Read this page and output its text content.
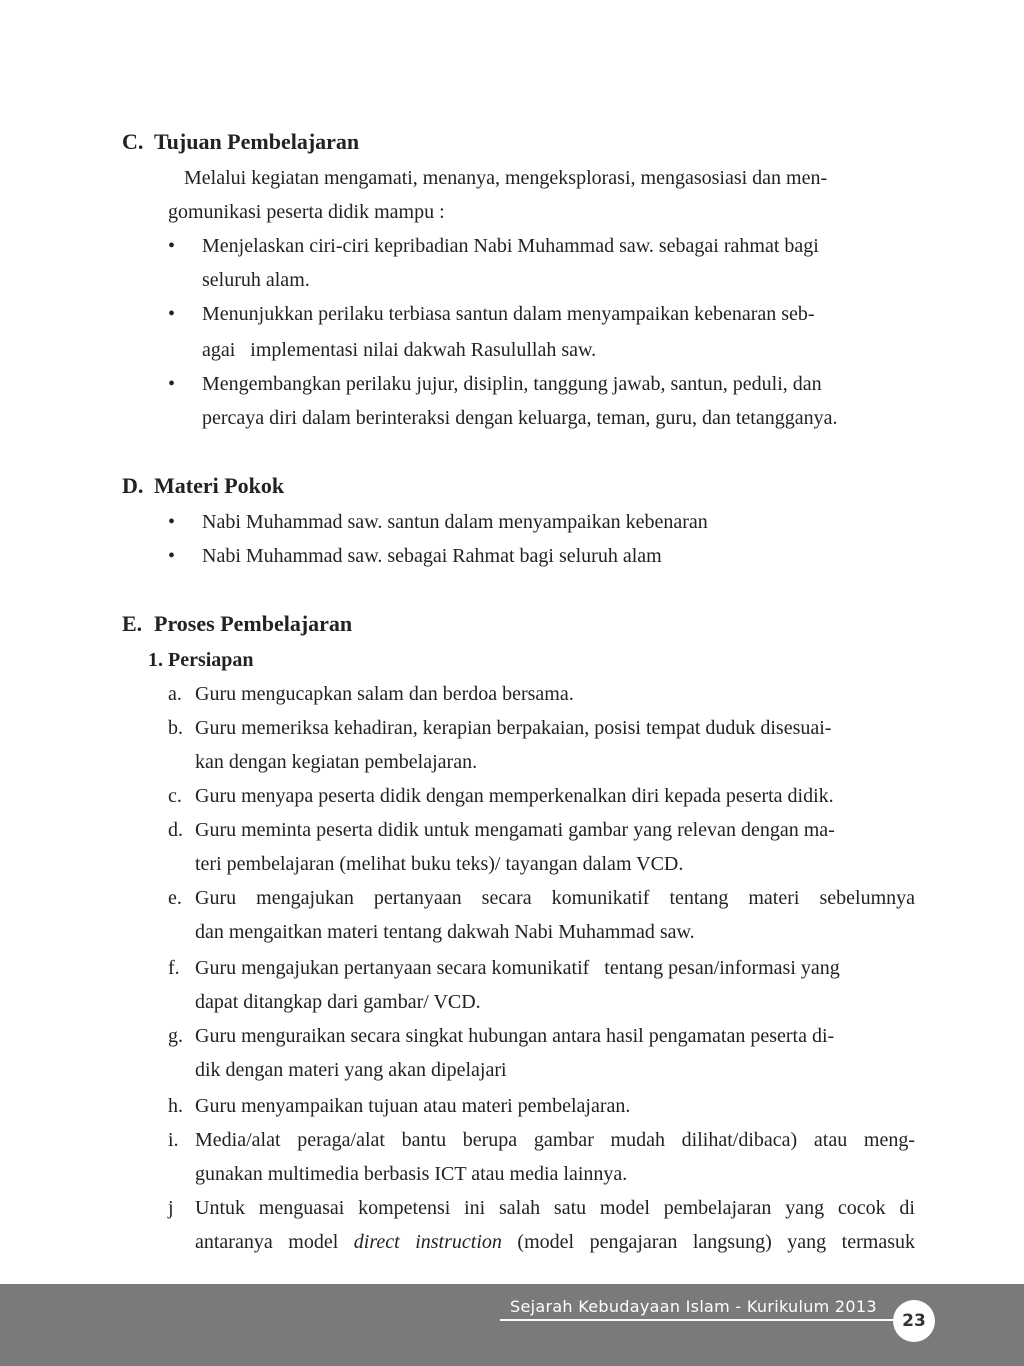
C. Tujuan Pembelajaran
Melalui kegiatan mengamati, menanya, mengeksplorasi, mengasosiasi dan men-
gomunikasi peserta didik mampu :
• Menjelaskan ciri-ciri kepribadian Nabi Muhammad saw. sebagai rahmat bagi
seluruh alam.
• Menunjukkan perilaku terbiasa santun dalam menyampaikan kebenaran seb-
agai   implementasi nilai dakwah Rasulullah saw.
• Mengembangkan perilaku jujur, disiplin, tanggung jawab, santun, peduli, dan
percaya diri dalam berinteraksi dengan keluarga, teman, guru, dan tetangganya.
D. Materi Pokok
• Nabi Muhammad saw. santun dalam menyampaikan kebenaran
• Nabi Muhammad saw. sebagai Rahmat bagi seluruh alam
E. Proses Pembelajaran
1. Persiapan
a. Guru mengucapkan salam dan berdoa bersama.
b. Guru memeriksa kehadiran, kerapian berpakaian, posisi tempat duduk disesuai-
kan dengan kegiatan pembelajaran.
c. Guru menyapa peserta didik dengan memperkenalkan diri kepada peserta didik.
d. Guru meminta peserta didik untuk mengamati gambar yang relevan dengan ma-
teri pembelajaran (melihat buku teks)/ tayangan dalam VCD.
e. Guru mengajukan pertanyaan secara komunikatif tentang materi sebelumnya
dan mengaitkan materi tentang dakwah Nabi Muhammad saw.
f. Guru mengajukan pertanyaan secara komunikatif   tentang pesan/informasi yang
dapat ditangkap dari gambar/ VCD.
g. Guru menguraikan secara singkat hubungan antara hasil pengamatan peserta di-
dik dengan materi yang akan dipelajari
h. Guru menyampaikan tujuan atau materi pembelajaran.
i. Media/alat peraga/alat bantu berupa gambar mudah dilihat/dibaca) atau meng-
gunakan multimedia berbasis ICT atau media lainnya.
j Untuk menguasai kompetensi ini salah satu model pembelajaran yang cocok di
antaranya model direct instruction (model pengajaran langsung) yang termasuk
Sejarah Kebudayaan Islam - Kurikulum 2013
23
